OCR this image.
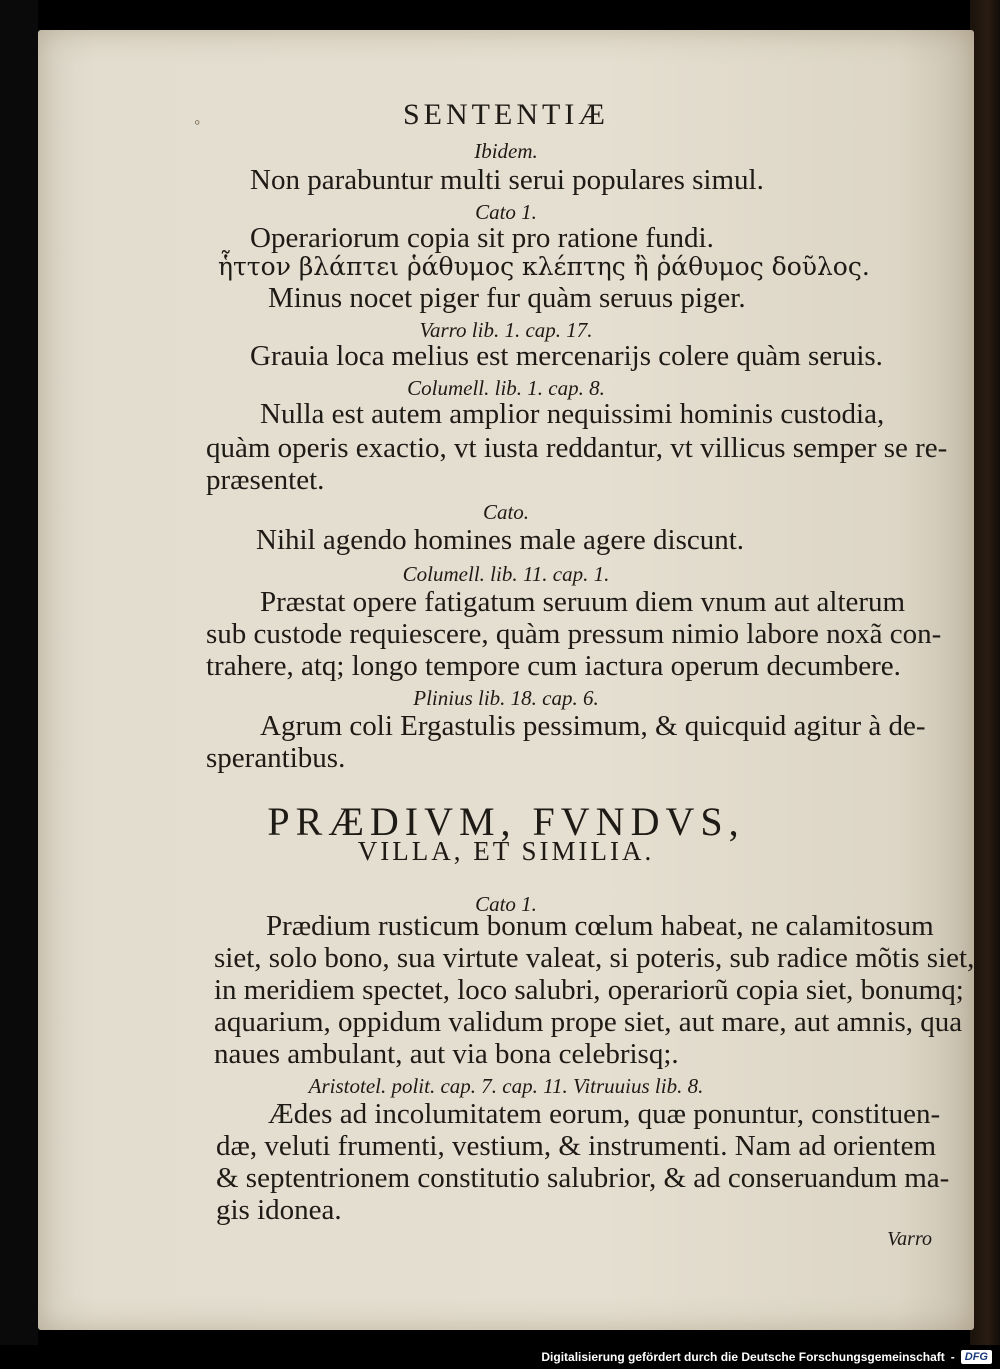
◦	SENTENTIÆ
Ibidem.
Non parabuntur multi serui populares simul.
Cato 1.
Operariorum copia sit pro ratione fundi.
ἧττον βλάπτει ῥάθυμος κλέπτης ἢ ῥάθυμος δοῦλος.
Minus nocet piger fur quàm seruus piger.
Varro lib. 1. cap. 17.
Grauia loca melius est mercenarijs colere quàm seruis.
Columell. lib. 1. cap. 8.
Nulla est autem amplior nequissimi hominis custodia,
quàm operis exactio, vt iusta reddantur, vt villicus semper se re-
præsentet.
Cato.
Nihil agendo homines male agere discunt.
Columell. lib. 11. cap. 1.
Præstat opere fatigatum seruum diem vnum aut alterum
sub custode requiescere, quàm pressum nimio labore noxã con-
trahere, atq; longo tempore cum iactura operum decumbere.
Plinius lib. 18. cap. 6.
Agrum coli Ergastulis pessimum, & quicquid agitur à de-
sperantibus.
PRÆDIVM, FVNDVS,
VILLA, ET SIMILIA.
Cato 1.
Prædium rusticum bonum cœlum habeat, ne calamitosum
siet, solo bono, sua virtute valeat, si poteris, sub radice mõtis siet,
in meridiem spectet, loco salubri, operariorũ copia siet, bonumq;
aquarium, oppidum validum prope siet, aut mare, aut amnis, qua
naues ambulant, aut via bona celebrisq;.
Aristotel. polit. cap. 7. cap. 11. Vitruuius lib. 8.
Ædes ad incolumitatem eorum, quæ ponuntur, constituen-
dæ, veluti frumenti, vestium, & instrumenti. Nam ad orientem
& septentrionem constitutio salubrior, & ad conseruandum ma-
gis idonea.
Varro
Digitalisierung gefördert durch die Deutsche Forschungsgemeinschaft - DFG
